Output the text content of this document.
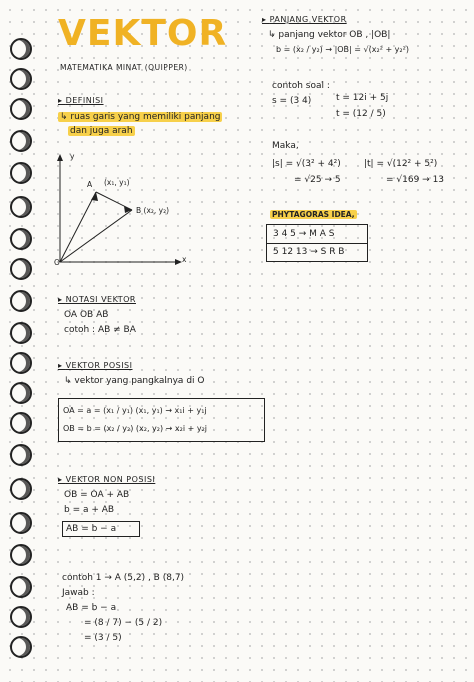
VEKTOR
MATEMATIKA MINAT (QUIPPER)
▸ DEFINISI
↳ ruas garis yang memiliki panjang
dan juga arah
y
x
O
A (x₁, y₁)
B (x₂, y₂)
▸ NOTASI VEKTOR
OA OB AB
cotoh : AB ≠ BA
▸ VEKTOR POSISI
↳ vektor yang pangkalnya di O
OA = a = (x₁ / y₁) (x₁, y₁) → x₁i + y₁j
OB = b = (x₂ / y₂) (x₂, y₂) → x₂i + y₂j
▸ VEKTOR NON POSISI
OB = OA + AB
b = a + AB
AB = b − a
contoh 1 → A (5,2) , B (8,7)
Jawab :
AB = b − a
= (8 / 7) − (5 / 2)
= (3 / 5)
▸ PANJANG VEKTOR
↳ panjang vektor OB , |OB|
b = (x₂ / y₂) → |OB| = √(x₂² + y₂²)
contoh soal :
s = (3 4)	t = 12i + 5j
t = (12 / 5)
Maka,
|s| = √(3² + 4²)
= √25 → 5
|t| = √(12² + 5²)
= √169 → 13
PHYTAGORAS IDEA,
3 4 5 → M A S
5 12 13 → S R B
